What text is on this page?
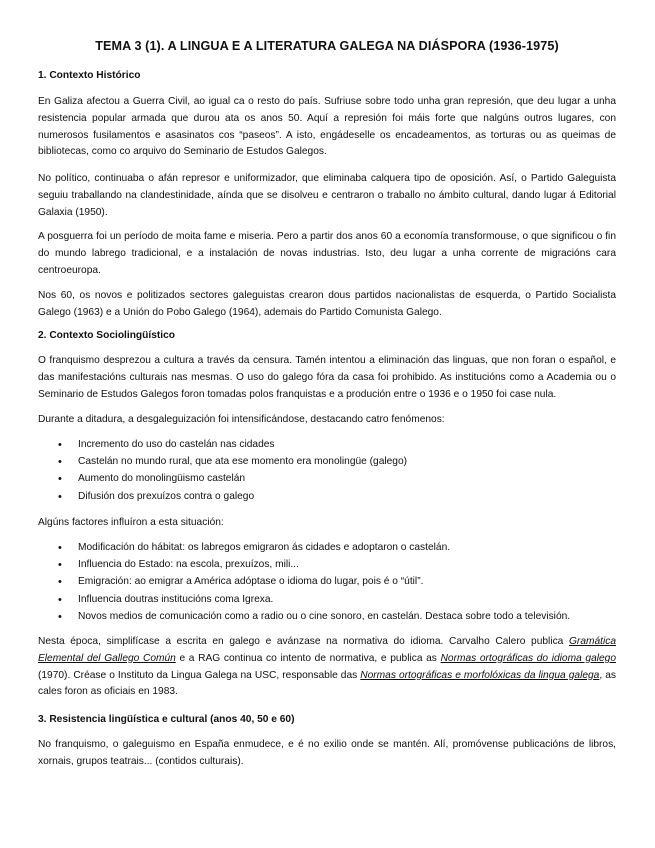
TEMA 3 (1). A LINGUA E A LITERATURA GALEGA NA DIÁSPORA (1936-1975)
1. Contexto Histórico

En Galiza afectou a Guerra Civil, ao igual ca o resto do país. Sufriuse sobre todo unha gran represión, que deu lugar a unha resistencia popular armada que durou ata os anos 50. Aquí a represión foi máis forte que nalgúns outros lugares, con numerosos fusilamentos e asasinatos cos “paseos”. A isto, engádeselle os encadeamentos, as torturas ou as queimas de bibliotecas, como co arquivo do Seminario de Estudos Galegos.

No político, continuaba o afán represor e uniformizador, que eliminaba calquera tipo de oposición. Así, o Partido Galeguista seguiu traballando na clandestinidade, aínda que se disolveu e centraron o traballo no ámbito cultural, dando lugar á Editorial Galaxia (1950).

A posguerra foi un período de moita fame e miseria. Pero a partir dos anos 60 a economía transformouse, o que significou o fin do mundo labrego tradicional, e a instalación de novas industrias. Isto, deu lugar a unha corrente de migracións cara centroeuropa.

Nos 60, os novos e politizados sectores galeguistas crearon dous partidos nacionalistas de esquerda, o Partido Socialista Galego (1963) e a Unión do Pobo Galego (1964), ademais do Partido Comunista Galego.

2. Contexto Sociolingüístico

O franquismo desprezou a cultura a través da censura. Tamén intentou a eliminación das linguas, que non foran o español, e das manifestacións culturais nas mesmas. O uso do galego fóra da casa foi prohibido. As institucións como a Academia ou o Seminario de Estudos Galegos foron tomadas polos franquistas e a produción entre o 1936 e o 1950 foi case nula.

Durante a ditadura, a desgaleguización foi intensificándose, destacando catro fenómenos:

• Incremento do uso do castelán nas cidades
• Castelán no mundo rural, que ata ese momento era monolingüe (galego)
• Aumento do monolingüismo castelán
• Difusión dos prexuízos contra o galego

Algúns factores influíron a esta situación:

• Modificación do hábitat: os labregos emigraron ás cidades e adoptaron o castelán.
• Influencia do Estado: na escola, prexuízos, mili...
• Emigración: ao emigrar a América adóptase o idioma do lugar, pois é o “útil”.
• Influencia doutras institucións coma Igrexa.
• Novos medios de comunicación como a radio ou o cine sonoro, en castelán. Destaca sobre todo a televisión.

Nesta época, simplifícase a escrita en galego e avánzase na normativa do idioma. Carvalho Calero publica Gramática Elemental del Gallego Común e a RAG continua co intento de normativa, e publica as Normas ortográficas do idioma galego (1970). Créase o Instituto da Lingua Galega na USC, responsable das Normas ortográficas e morfolóxicas da lingua galega, as cales foron as oficiais en 1983.

3. Resistencia lingüística e cultural (anos 40, 50 e 60)

No franquismo, o galeguismo en España enmudece, e é no exilio onde se mantén. Alí, promóvense publicacións de libros, xornais, grupos teatrais... (contidos culturais).
